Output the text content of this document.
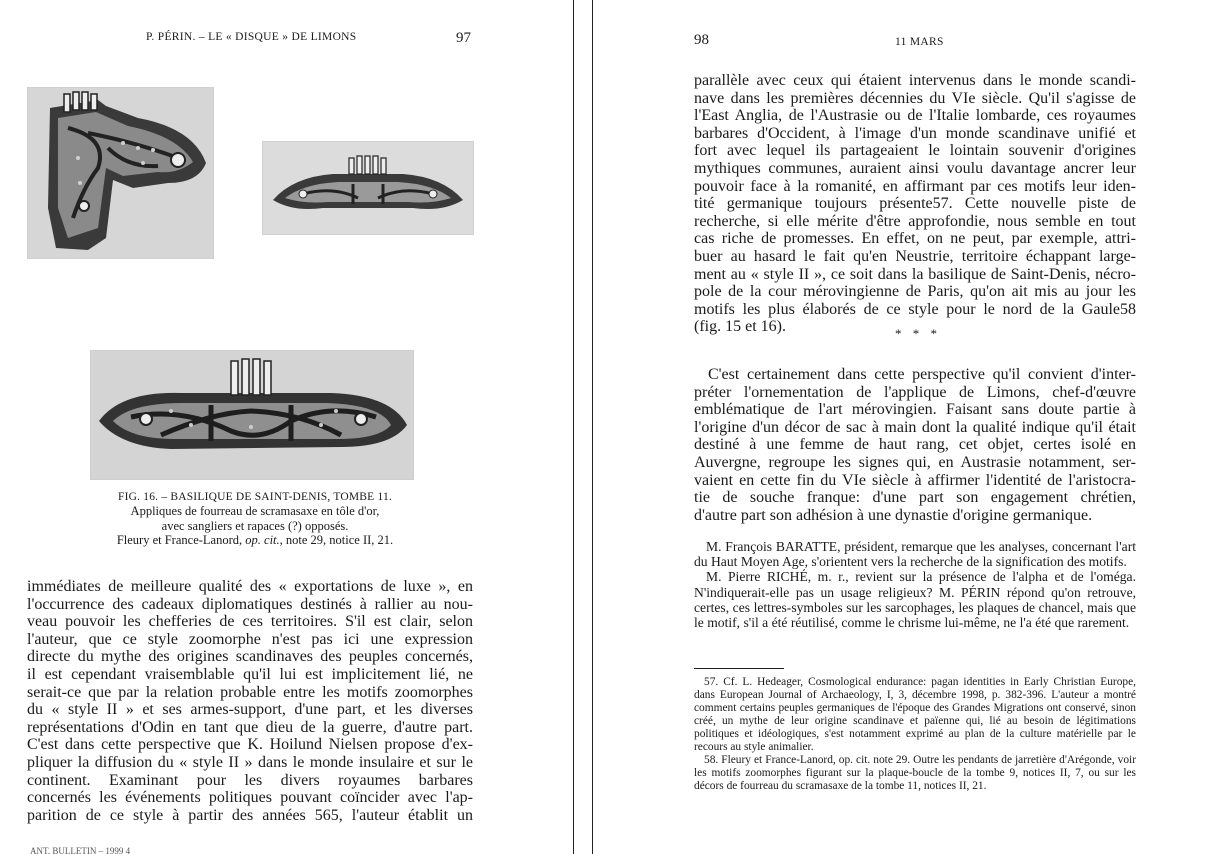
P. PÉRIN. – LE « DISQUE » DE LIMONS	97
FIG. 16. – BASILIQUE DE SAINT-DENIS, TOMBE 11.
Appliques de fourreau de scramasaxe en tôle d'or,
avec sangliers et rapaces (?) opposés.
Fleury et France-Lanord, op. cit., note 29, notice II, 21.
immédiates de meilleure qualité des « exportations de luxe », en
l'occurrence des cadeaux diplomatiques destinés à rallier au nou-
veau pouvoir les chefferies de ces territoires. S'il est clair, selon
l'auteur, que ce style zoomorphe n'est pas ici une expression
directe du mythe des origines scandinaves des peuples concernés,
il est cependant vraisemblable qu'il lui est implicitement lié, ne
serait-ce que par la relation probable entre les motifs zoomorphes
du « style II » et ses armes-support, d'une part, et les diverses
représentations d'Odin en tant que dieu de la guerre, d'autre part.
C'est dans cette perspective que K. Hoilund Nielsen propose d'ex-
pliquer la diffusion du « style II » dans le monde insulaire et sur le
continent. Examinant pour les divers royaumes barbares
concernés les événements politiques pouvant coïncider avec l'ap-
parition de ce style à partir des années 565, l'auteur établit un
ANT. BULLETIN – 1999 4
98	11 MARS
parallèle avec ceux qui étaient intervenus dans le monde scandi-
nave dans les premières décennies du VIe siècle. Qu'il s'agisse de
l'East Anglia, de l'Austrasie ou de l'Italie lombarde, ces royaumes
barbares d'Occident, à l'image d'un monde scandinave unifié et
fort avec lequel ils partageaient le lointain souvenir d'origines
mythiques communes, auraient ainsi voulu davantage ancrer leur
pouvoir face à la romanité, en affirmant par ces motifs leur iden-
tité germanique toujours présente57. Cette nouvelle piste de
recherche, si elle mérite d'être approfondie, nous semble en tout
cas riche de promesses. En effet, on ne peut, par exemple, attri-
buer au hasard le fait qu'en Neustrie, territoire échappant large-
ment au « style II », ce soit dans la basilique de Saint-Denis, nécro-
pole de la cour mérovingienne de Paris, qu'on ait mis au jour les
motifs les plus élaborés de ce style pour le nord de la Gaule58
(fig. 15 et 16).	* * *
C'est certainement dans cette perspective qu'il convient d'inter-
préter l'ornementation de l'applique de Limons, chef-d'œuvre
emblématique de l'art mérovingien. Faisant sans doute partie à
l'origine d'un décor de sac à main dont la qualité indique qu'il était
destiné à une femme de haut rang, cet objet, certes isolé en
Auvergne, regroupe les signes qui, en Austrasie notamment, ser-
vaient en cette fin du VIe siècle à affirmer l'identité de l'aristocra-
tie de souche franque: d'une part son engagement chrétien,
d'autre part son adhésion à une dynastie d'origine germanique.

M. François BARATTE, président, remarque que les analyses, concernant l'art du Haut Moyen Age, s'orientent vers la recherche de la signification des motifs.

M. Pierre RICHÉ, m. r., revient sur la présence de l'alpha et de l'oméga. N'indiquerait-elle pas un usage religieux? M. PÉRIN répond qu'on retrouve, certes, ces lettres-symboles sur les sarcophages, les plaques de chancel, mais que le motif, s'il a été réutilisé, comme le chrisme lui-même, ne l'a été que rarement.

57. Cf. L. Hedeager, Cosmological endurance: pagan identities in Early Christian Europe, dans European Journal of Archaeology, I, 3, décembre 1998, p. 382-396. L'auteur a montré comment certains peuples germaniques de l'époque des Grandes Migrations ont conservé, sinon créé, un mythe de leur origine scandinave et païenne qui, lié au besoin de légitimations politiques et idéologiques, s'est notamment exprimé au plan de la culture matérielle par le recours au style animalier.

58. Fleury et France-Lanord, op. cit. note 29. Outre les pendants de jarretière d'Arégonde, voir les motifs zoomorphes figurant sur la plaque-boucle de la tombe 9, notices II, 7, ou sur les décors de fourreau du scramasaxe de la tombe 11, notices II, 21.
